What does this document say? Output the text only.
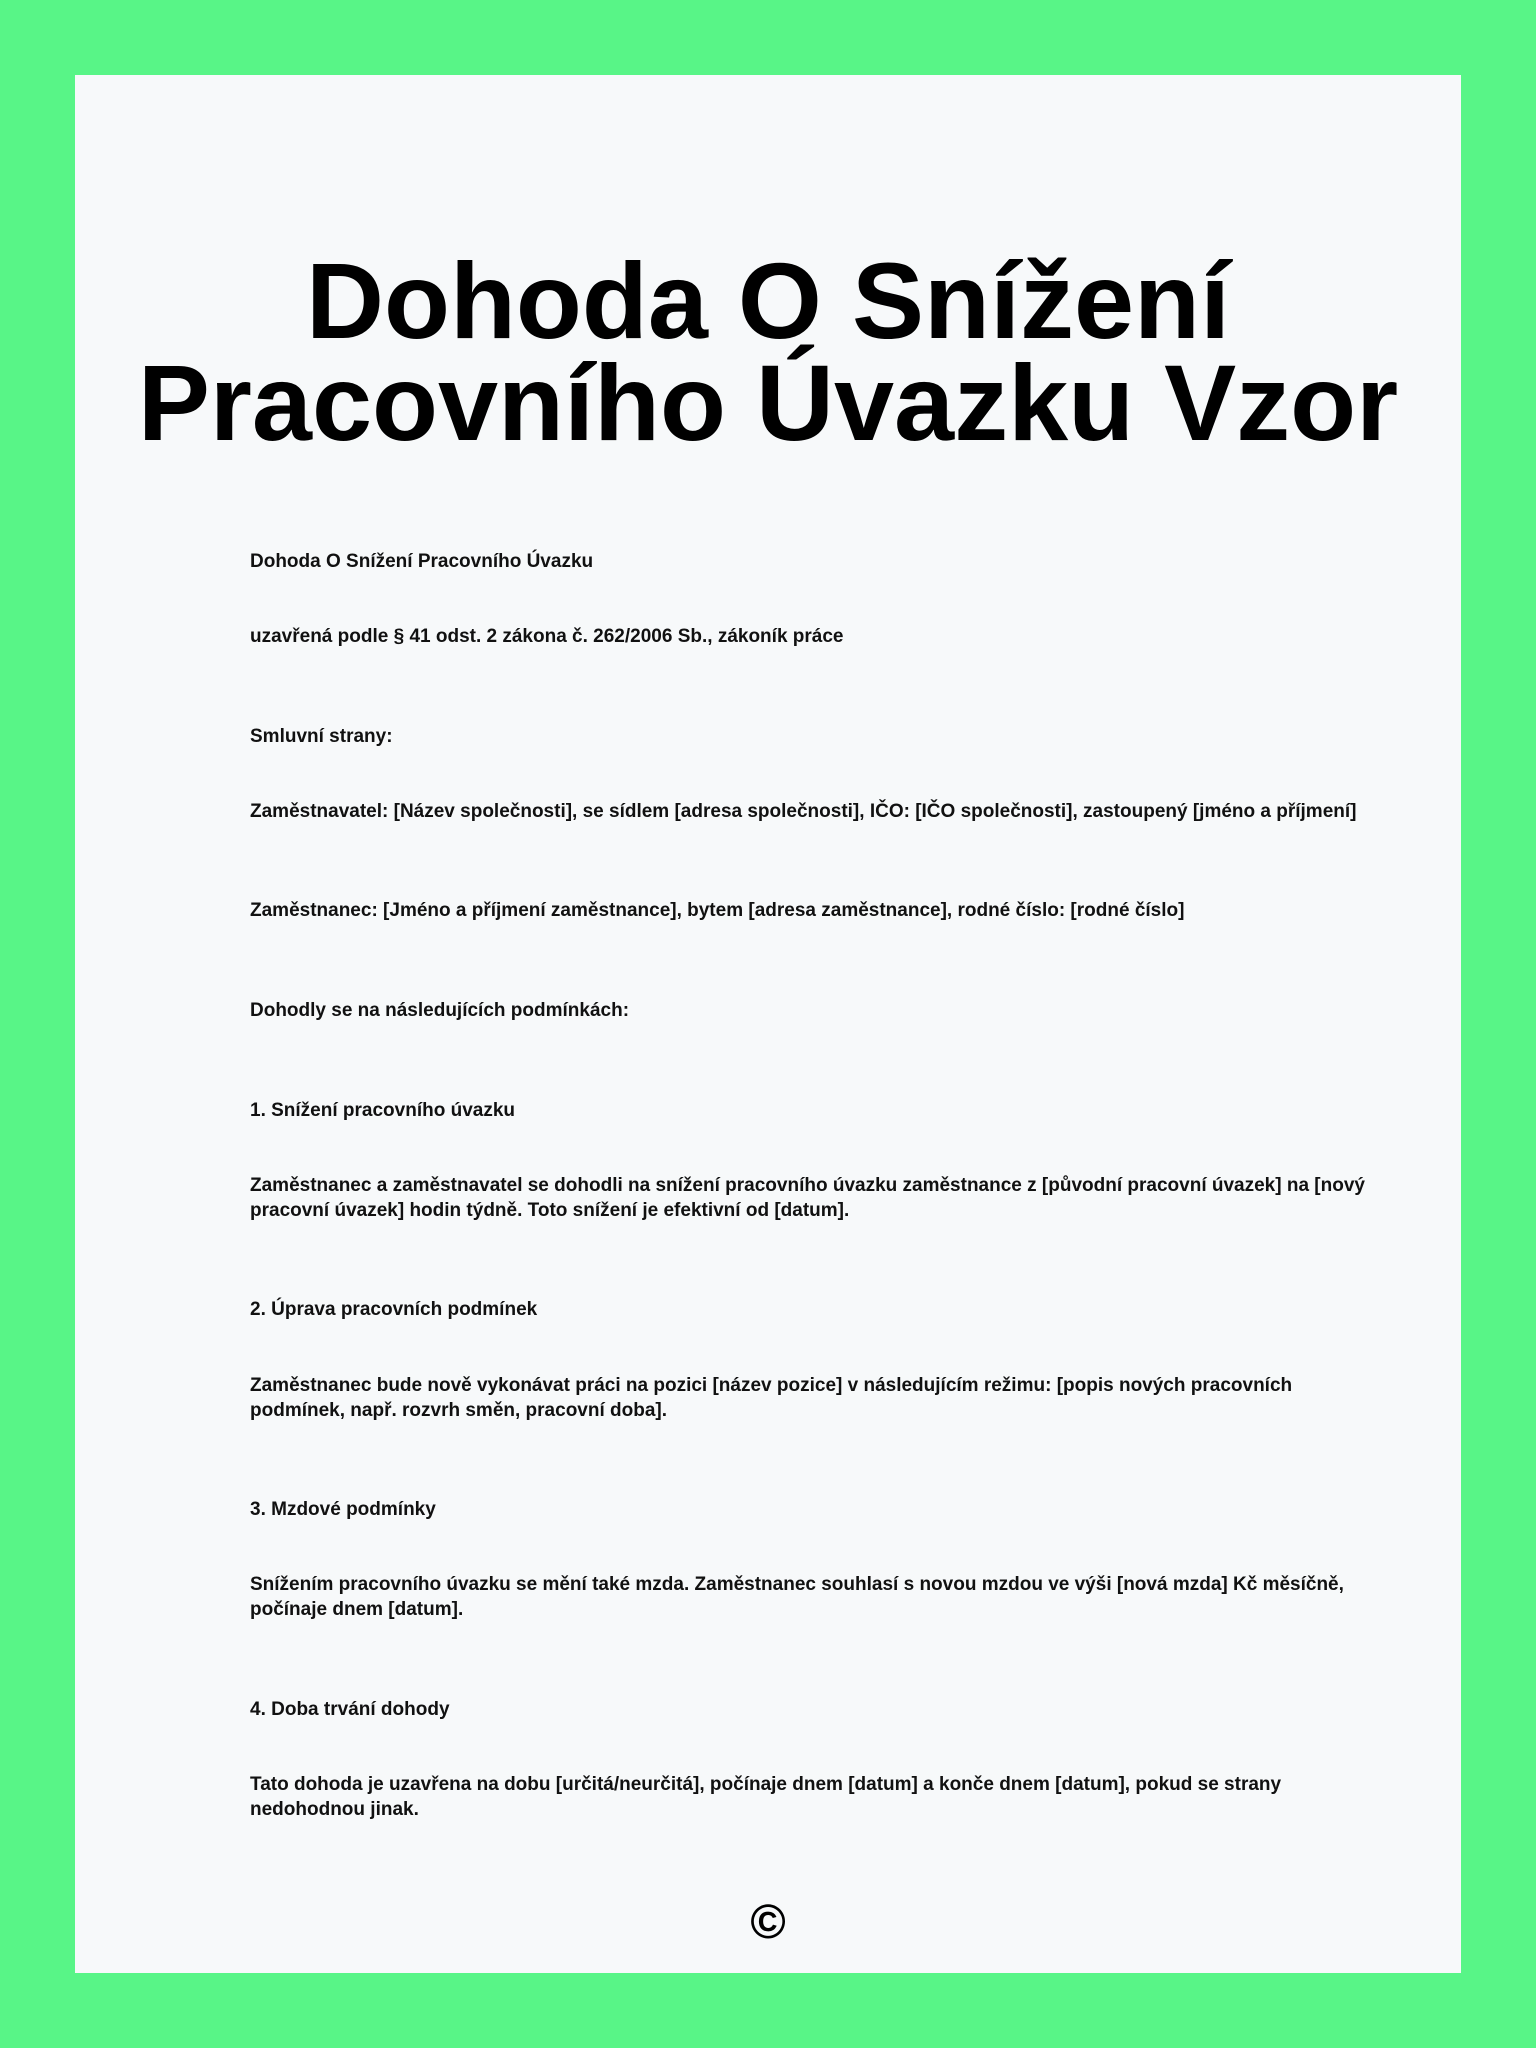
Dohoda O Snížení
Pracovního Úvazku Vzor

Dohoda O Snížení Pracovního Úvazku

uzavřená podle § 41 odst. 2 zákona č. 262/2006 Sb., zákoník práce

Smluvní strany:

Zaměstnavatel: [Název společnosti], se sídlem [adresa společnosti], IČO: [IČO společnosti], zastoupený [jméno a příjmení]

Zaměstnanec: [Jméno a příjmení zaměstnance], bytem [adresa zaměstnance], rodné číslo: [rodné číslo]

Dohodly se na následujících podmínkách:

1. Snížení pracovního úvazku

Zaměstnanec a zaměstnavatel se dohodli na snížení pracovního úvazku zaměstnance z [původní pracovní úvazek] na [nový pracovní úvazek] hodin týdně. Toto snížení je efektivní od [datum].

2. Úprava pracovních podmínek

Zaměstnanec bude nově vykonávat práci na pozici [název pozice] v následujícím režimu: [popis nových pracovních podmínek, např. rozvrh směn, pracovní doba].

3. Mzdové podmínky

Snížením pracovního úvazku se mění také mzda. Zaměstnanec souhlasí s novou mzdou ve výši [nová mzda] Kč měsíčně, počínaje dnem [datum].

4. Doba trvání dohody

Tato dohoda je uzavřena na dobu [určitá/neurčitá], počínaje dnem [datum] a konče dnem [datum], pokud se strany nedohodnou jinak.

©
